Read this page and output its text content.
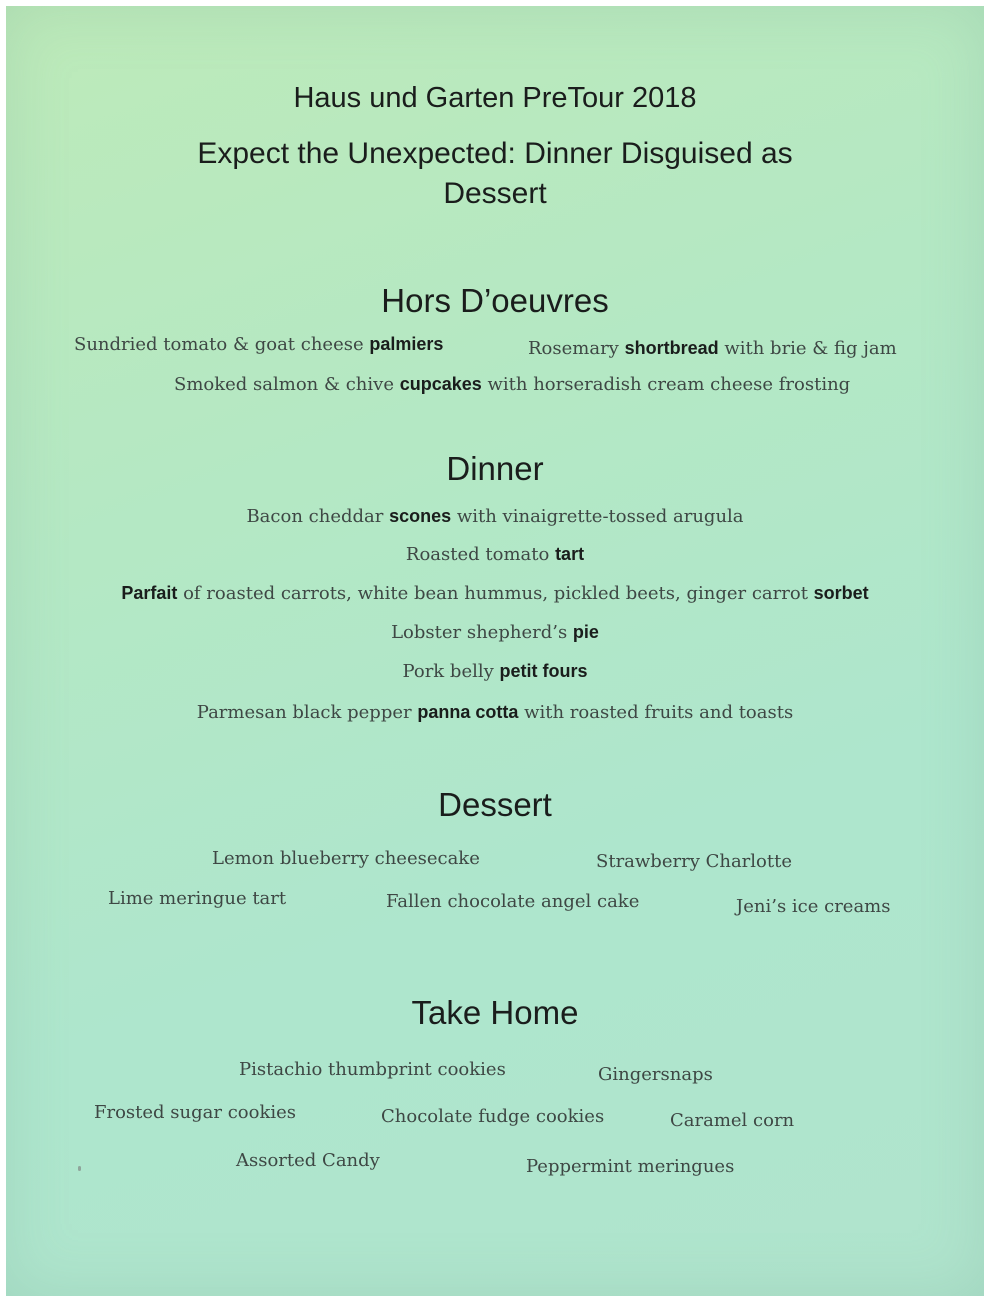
Haus und Garten PreTour 2018
Expect the Unexpected: Dinner Disguised as
Dessert
Hors D’oeuvres
Sundried tomato & goat cheese palmiers	Rosemary shortbread with brie & fig jam
Smoked salmon & chive cupcakes with horseradish cream cheese frosting
Dinner
Bacon cheddar scones with vinaigrette-tossed arugula
Roasted tomato tart
Parfait of roasted carrots, white bean hummus, pickled beets, ginger carrot sorbet
Lobster shepherd’s pie
Pork belly petit fours
Parmesan black pepper panna cotta with roasted fruits and toasts
Dessert
Lemon blueberry cheesecake	Strawberry Charlotte
Lime meringue tart	Fallen chocolate angel cake	Jeni’s ice creams
Take Home
Pistachio thumbprint cookies	Gingersnaps
Frosted sugar cookies	Chocolate fudge cookies	Caramel corn
Assorted Candy	Peppermint meringues
